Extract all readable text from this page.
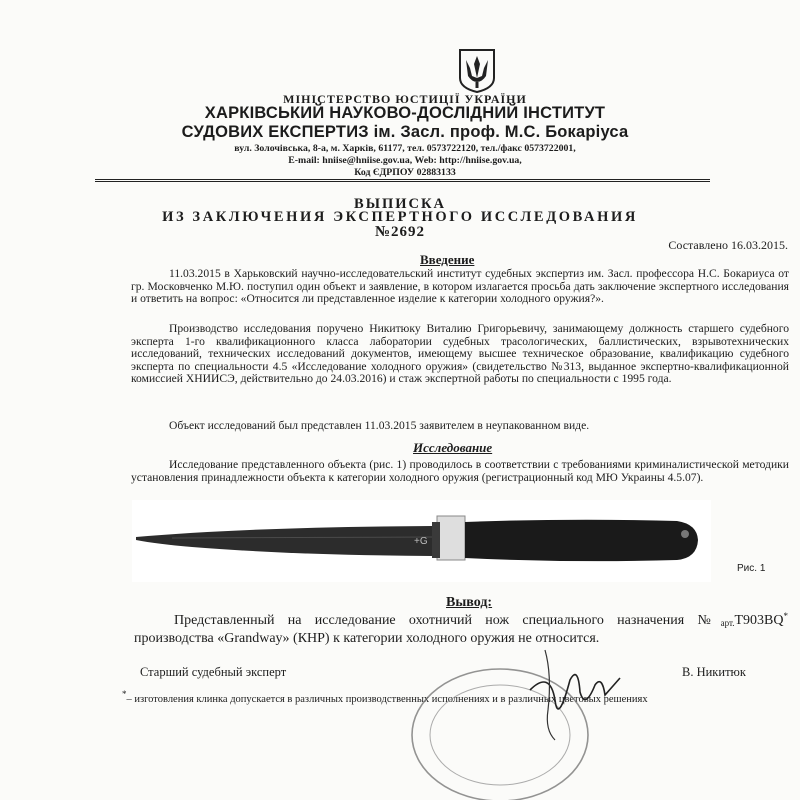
МІНІСТЕРСТВО ЮСТИЦІЇ УКРАЇНИ
ХАРКІВСЬКИЙ НАУКОВО-ДОСЛІДНИЙ ІНСТИТУТ
СУДОВИХ ЕКСПЕРТИЗ ім. Засл. проф. М.С. Бокаріуса
вул. Золочівська, 8-а, м. Харків, 61177, тел. 0573722120, тел./факс 0573722001,
E-mail: hniise@hniise.gov.ua, Web: http://hniise.gov.ua,
Код ЄДРПОУ 02883133
ВЫПИСКА
ИЗ ЗАКЛЮЧЕНИЯ ЭКСПЕРТНОГО ИССЛЕДОВАНИЯ
№2692
Составлено 16.03.2015.
Введение

11.03.2015 в Харьковский научно-исследовательский институт судебных экспертиз им. Засл. профессора Н.С. Бокариуса от гр. Московченко М.Ю. поступил один объект и заявление, в котором излагается просьба дать заключение экспертного исследования и ответить на вопрос: «Относится ли представленное изделие к категории холодного оружия?».

Производство исследования поручено Никитюку Виталию Григорьевичу, занимающему должность старшего судебного эксперта 1-го квалификационного класса лаборатории судебных трасологических, баллистических, взрывотехнических исследований, технических исследований документов, имеющему высшее техническое образование, квалификацию судебного эксперта по специальности 4.5 «Исследование холодного оружия» (свидетельство №313, выданное экспертно-квалификационной комиссией ХНИИСЭ, действительно до 24.03.2016) и стаж экспертной работы по специальности с 1995 года.

Объект исследований был представлен 11.03.2015 заявителем в неупакованном виде.

Исследование

Исследование представленного объекта (рис. 1) проводилось в соответствии с требованиями криминалистической методики установления принадлежности объекта к категории холодного оружия (регистрационный код МЮ Украины 4.5.07).

+G
Рис. 1
Вывод:

Представленный на исследование охотничий нож специального назначения $№_{арт.}T903BQ^*$ производства «Grandway» (КНР) к категории холодного оружия не относится.

Старший судебный эксперт	В. Никитюк
*– изготовления клинка допускается в различных производственных исполнениях и в различных цветовых решениях
